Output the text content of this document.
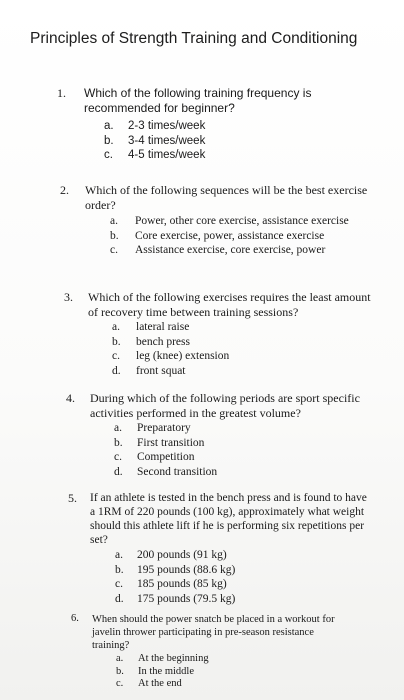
Principles of Strength Training and Conditioning
1. Which of the following training frequency is recommended for beginner?
a. 2-3 times/week
b. 3-4 times/week
c. 4-5 times/week
2. Which of the following sequences will be the best exercise order?
a. Power, other core exercise, assistance exercise
b. Core exercise, power, assistance exercise
c. Assistance exercise, core exercise, power
3. Which of the following exercises requires the least amount of recovery time between training sessions?
a. lateral raise
b. bench press
c. leg (knee) extension
d. front squat
4. During which of the following periods are sport specific activities performed in the greatest volume?
a. Preparatory
b. First transition
c. Competition
d. Second transition
5. If an athlete is tested in the bench press and is found to have a 1RM of 220 pounds (100 kg), approximately what weight should this athlete lift if he is performing six repetitions per set?
a. 200 pounds (91 kg)
b. 195 pounds (88.6 kg)
c. 185 pounds (85 kg)
d. 175 pounds (79.5 kg)
6. When should the power snatch be placed in a workout for javelin thrower participating in pre-season resistance training?
a. At the beginning
b. In the middle
c. At the end
